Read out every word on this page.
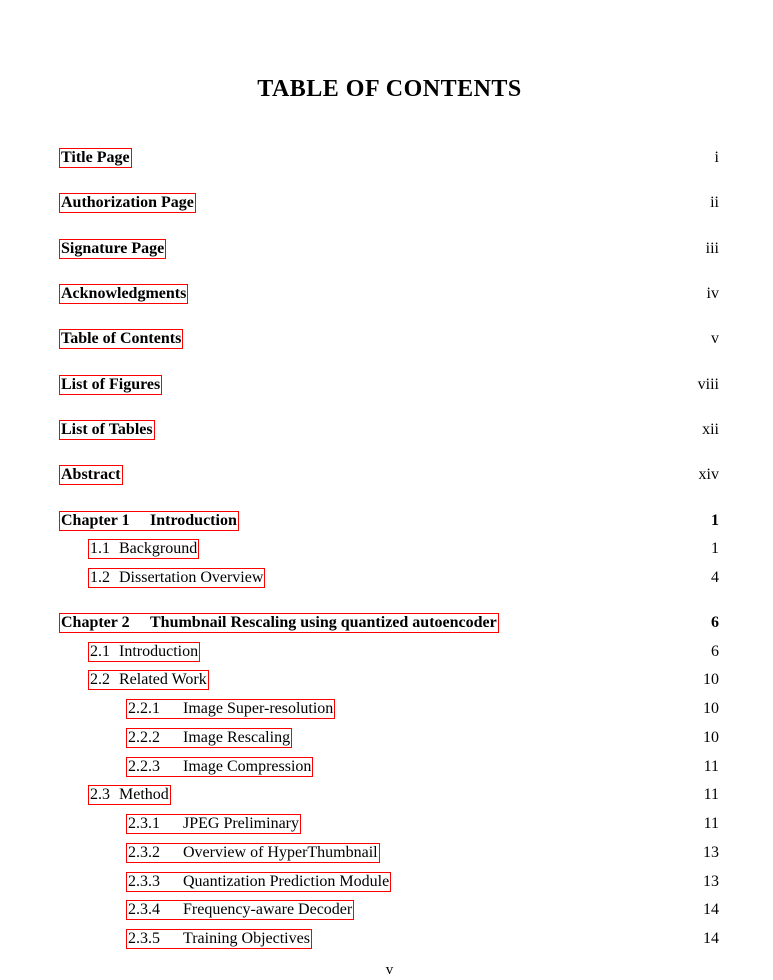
TABLE OF CONTENTS
Title Page	i
Authorization Page	ii
Signature Page	iii
Acknowledgments	iv
Table of Contents	v
List of Figures	viii
List of Tables	xii
Abstract	xiv
Chapter 1 Introduction	1
1.1 Background	1
1.2 Dissertation Overview	4
Chapter 2 Thumbnail Rescaling using quantized autoencoder	6
2.1 Introduction	6
2.2 Related Work	10
2.2.1 Image Super-resolution	10
2.2.2 Image Rescaling	10
2.2.3 Image Compression	11
2.3 Method	11
2.3.1 JPEG Preliminary	11
2.3.2 Overview of HyperThumbnail	13
2.3.3 Quantization Prediction Module	13
2.3.4 Frequency-aware Decoder	14
2.3.5 Training Objectives	14
v
